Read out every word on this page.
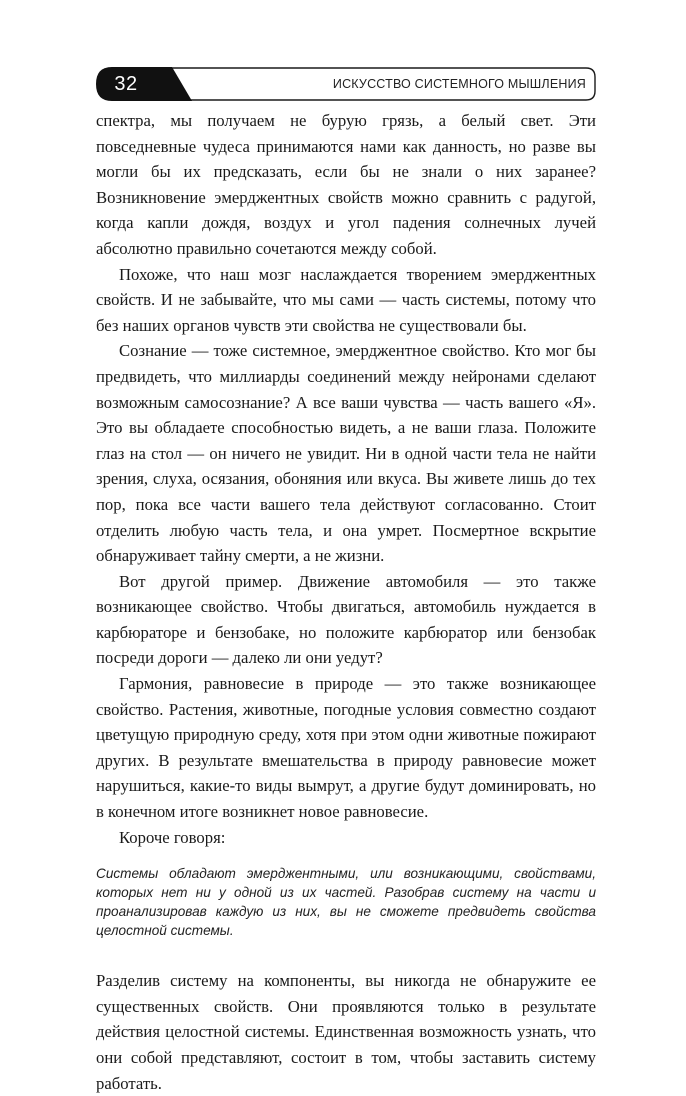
32	ИСКУССТВО СИСТЕМНОГО МЫШЛЕНИЯ

спектра, мы получаем не бурую грязь, а белый свет. Эти повседневные чудеса принимаются нами как данность, но разве вы могли бы их предсказать, если бы не знали о них заранее? Возникновение эмерджентных свойств можно сравнить с радугой, когда капли дождя, воздух и угол падения солнечных лучей абсолютно правильно сочетаются между собой.

Похоже, что наш мозг наслаждается творением эмерджентных свойств. И не забывайте, что мы сами — часть системы, потому что без наших органов чувств эти свойства не существовали бы.

Сознание — тоже системное, эмерджентное свойство. Кто мог бы предвидеть, что миллиарды соединений между нейронами сделают возможным самосознание? А все ваши чувства — часть вашего «Я». Это вы обладаете способностью видеть, а не ваши глаза. Положите глаз на стол — он ничего не увидит. Ни в одной части тела не найти зрения, слуха, осязания, обоняния или вкуса. Вы живете лишь до тех пор, пока все части вашего тела действуют согласованно. Стоит отделить любую часть тела, и она умрет. Посмертное вскрытие обнаруживает тайну смерти, а не жизни.

Вот другой пример. Движение автомобиля — это также возникающее свойство. Чтобы двигаться, автомобиль нуждается в карбюраторе и бензобаке, но положите карбюратор или бензобак посреди дороги — далеко ли они уедут?

Гармония, равновесие в природе — это также возникающее свойство. Растения, животные, погодные условия совместно создают цветущую природную среду, хотя при этом одни животные пожирают других. В результате вмешательства в природу равновесие может нарушиться, какие-то виды вымрут, а другие будут доминировать, но в конечном итоге возникнет новое равновесие.

Короче говоря:

Системы обладают эмерджентными, или возникающими, свойствами, которых нет ни у одной из их частей. Разобрав систему на части и проанализировав каждую из них, вы не сможете предвидеть свойства целостной системы.

Разделив систему на компоненты, вы никогда не обнаружите ее существенных свойств. Они проявляются только в результате действия целостной системы. Единственная возможность узнать, что они собой представляют, состоит в том, чтобы заставить систему работать.
